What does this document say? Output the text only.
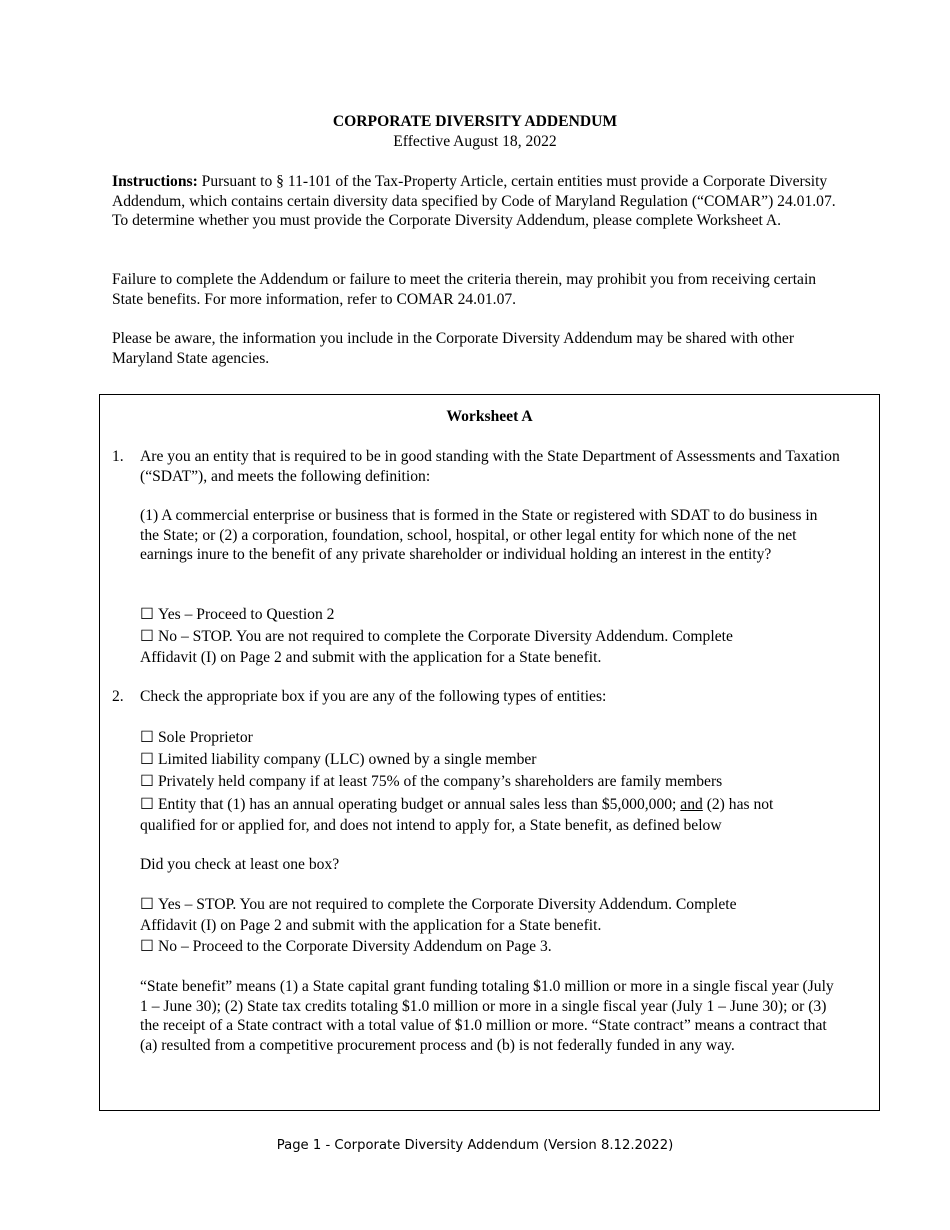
CORPORATE DIVERSITY ADDENDUM
Effective August 18, 2022

Instructions: Pursuant to § 11-101 of the Tax-Property Article, certain entities must provide a Corporate Diversity Addendum, which contains certain diversity data specified by Code of Maryland Regulation (“COMAR”) 24.01.07. To determine whether you must provide the Corporate Diversity Addendum, please complete Worksheet A.

Failure to complete the Addendum or failure to meet the criteria therein, may prohibit you from receiving certain State benefits. For more information, refer to COMAR 24.01.07.

Please be aware, the information you include in the Corporate Diversity Addendum may be shared with other Maryland State agencies.

Worksheet A
1. Are you an entity that is required to be in good standing with the State Department of Assessments and Taxation (“SDAT”), and meets the following definition:

(1) A commercial enterprise or business that is formed in the State or registered with SDAT to do business in the State; or (2) a corporation, foundation, school, hospital, or other legal entity for which none of the net earnings inure to the benefit of any private shareholder or individual holding an interest in the entity?

☐ Yes – Proceed to Question 2
☐ No – STOP. You are not required to complete the Corporate Diversity Addendum. Complete
Affidavit (I) on Page 2 and submit with the application for a State benefit.
2. Check the appropriate box if you are any of the following types of entities:
☐ Sole Proprietor
☐ Limited liability company (LLC) owned by a single member
☐ Privately held company if at least 75% of the company’s shareholders are family members
☐ Entity that (1) has an annual operating budget or annual sales less than $5,000,000; and (2) has not
qualified for or applied for, and does not intend to apply for, a State benefit, as defined below
Did you check at least one box?
☐ Yes – STOP. You are not required to complete the Corporate Diversity Addendum. Complete
Affidavit (I) on Page 2 and submit with the application for a State benefit.
☐ No – Proceed to the Corporate Diversity Addendum on Page 3.

“State benefit” means (1) a State capital grant funding totaling $1.0 million or more in a single fiscal year (July 1 – June 30); (2) State tax credits totaling $1.0 million or more in a single fiscal year (July 1 – June 30); or (3) the receipt of a State contract with a total value of $1.0 million or more. “State contract” means a contract that (a) resulted from a competitive procurement process and (b) is not federally funded in any way.

Page 1 - Corporate Diversity Addendum (Version 8.12.2022)
